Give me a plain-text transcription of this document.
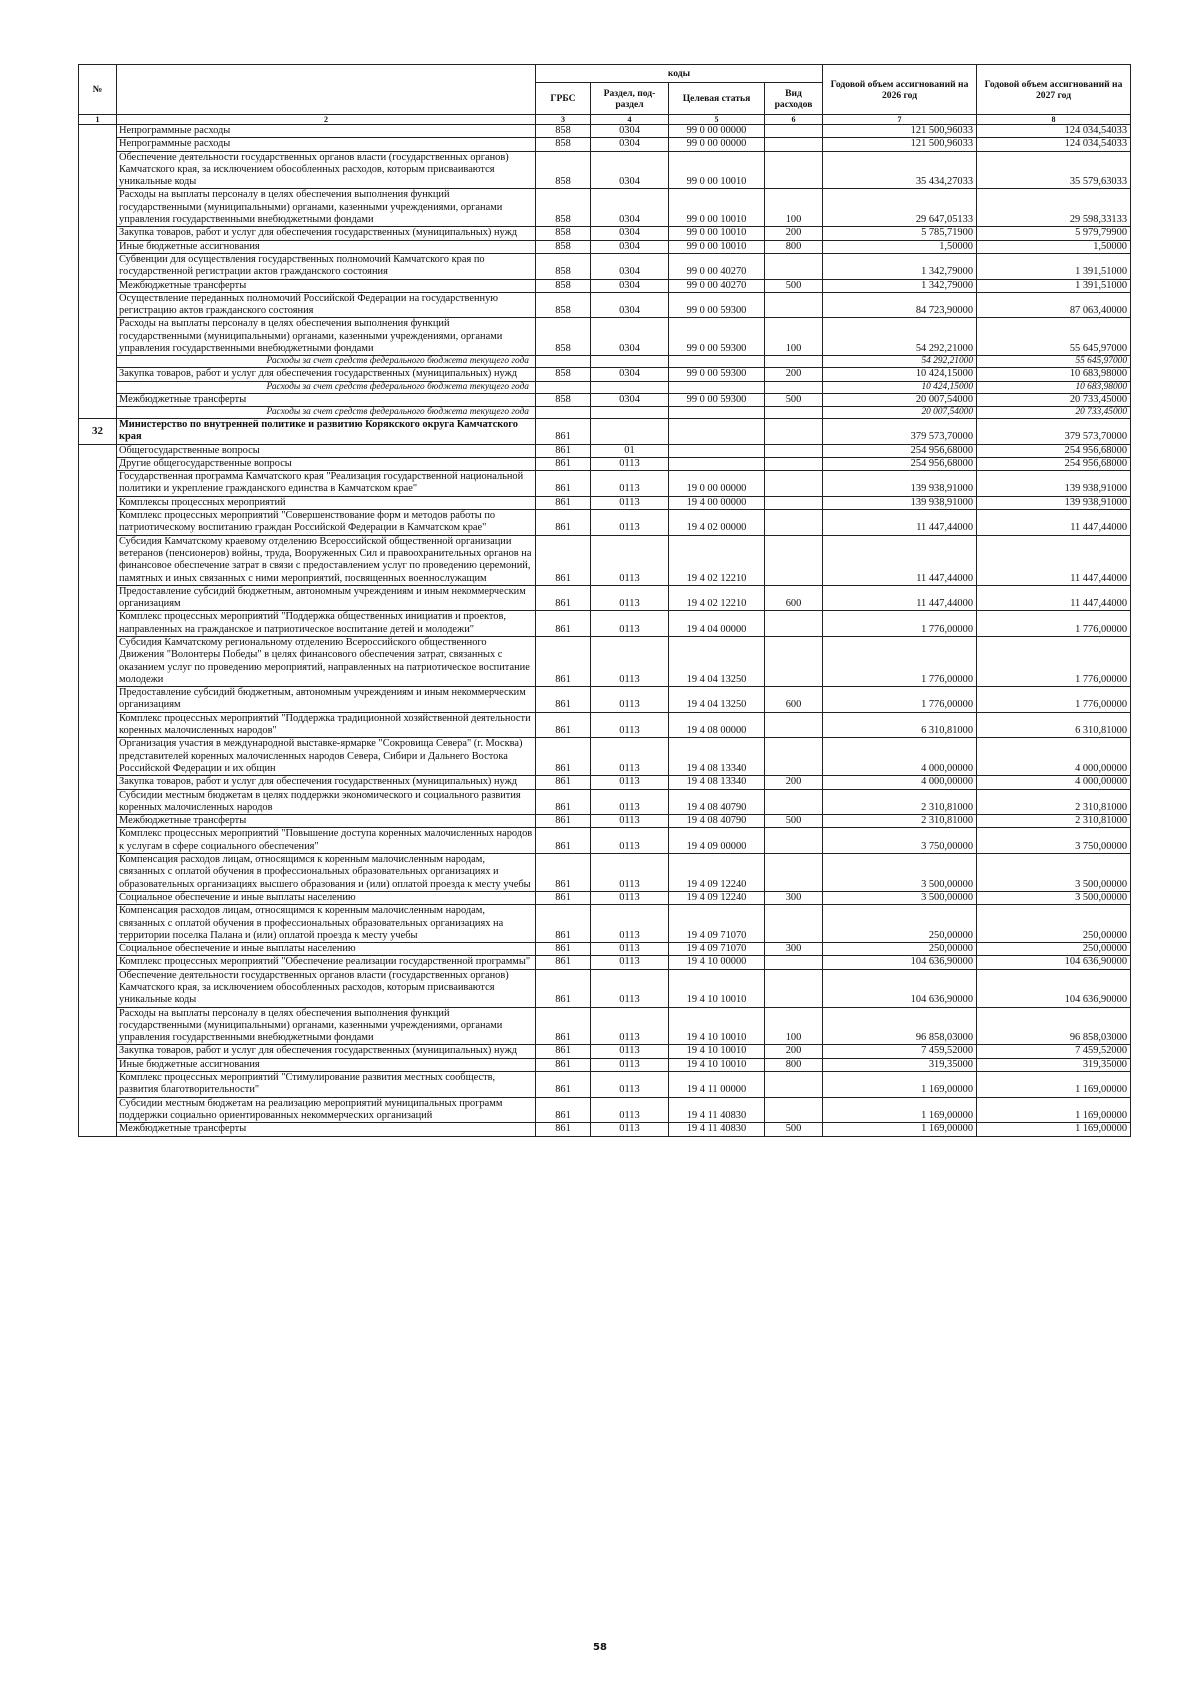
№		коды				Годовой объем ассигнований на 2026 год	Годовой объем ассигнований на 2027 год
		ГРБС	Раздел, под-раздел	Целевая статья	Вид расходов		
1	2	3	4	5	6	7	8
	Непрограммные расходы	858	0304	99 0 00 00000		121 500,96033	124 034,54033
	Непрограммные расходы	858	0304	99 0 00 00000		121 500,96033	124 034,54033
	Обеспечение деятельности государственных органов власти (государственных органов) Камчатского края, за исключением обособленных расходов, которым присваиваются уникальные коды	858	0304	99 0 00 10010		35 434,27033	35 579,63033
	Расходы на выплаты персоналу в целях обеспечения выполнения функций государственными (муниципальными) органами, казенными учреждениями, органами управления государственными внебюджетными фондами	858	0304	99 0 00 10010	100	29 647,05133	29 598,33133
	Закупка товаров, работ и услуг для обеспечения государственных (муниципальных) нужд	858	0304	99 0 00 10010	200	5 785,71900	5 979,79900
	Иные бюджетные ассигнования	858	0304	99 0 00 10010	800	1,50000	1,50000
	Субвенции для осуществления государственных полномочий Камчатского края по государственной регистрации актов гражданского состояния	858	0304	99 0 00 40270		1 342,79000	1 391,51000
	Межбюджетные трансферты	858	0304	99 0 00 40270	500	1 342,79000	1 391,51000
	Осуществление переданных полномочий Российской Федерации на государственную регистрацию актов гражданского состояния	858	0304	99 0 00 59300		84 723,90000	87 063,40000
	Расходы на выплаты персоналу в целях обеспечения выполнения функций государственными (муниципальными) органами, казенными учреждениями, органами управления государственными внебюджетными фондами	858	0304	99 0 00 59300	100	54 292,21000	55 645,97000
	Расходы за счет средств федерального бюджета текущего года					54 292,21000	55 645,97000
	Закупка товаров, работ и услуг для обеспечения государственных (муниципальных) нужд	858	0304	99 0 00 59300	200	10 424,15000	10 683,98000
	Расходы за счет средств федерального бюджета текущего года					10 424,15000	10 683,98000
	Межбюджетные трансферты	858	0304	99 0 00 59300	500	20 007,54000	20 733,45000
	Расходы за счет средств федерального бюджета текущего года					20 007,54000	20 733,45000
32	Министерство по внутренней политике и развитию Корякского округа Камчатского края	861				379 573,70000	379 573,70000
	Общегосударственные вопросы	861	01			254 956,68000	254 956,68000
	Другие общегосударственные вопросы	861	0113			254 956,68000	254 956,68000
	Государственная программа Камчатского края "Реализация государственной национальной политики и укрепление гражданского единства в Камчатском крае"	861	0113	19 0 00 00000		139 938,91000	139 938,91000
	Комплексы процессных мероприятий	861	0113	19 4 00 00000		139 938,91000	139 938,91000
	Комплекс процессных мероприятий "Совершенствование форм и методов работы по патриотическому воспитанию граждан Российской Федерации в Камчатском крае"	861	0113	19 4 02 00000		11 447,44000	11 447,44000
	Субсидия Камчатскому краевому отделению Всероссийской общественной организации ветеранов (пенсионеров) войны, труда, Вооруженных Сил и правоохранительных органов на финансовое обеспечение затрат в связи с предоставлением услуг по проведению церемоний, памятных и иных связанных с ними мероприятий, посвященных военнослужащим	861	0113	19 4 02 12210		11 447,44000	11 447,44000
	Предоставление субсидий бюджетным, автономным учреждениям и иным некоммерческим организациям	861	0113	19 4 02 12210	600	11 447,44000	11 447,44000
	Комплекс процессных мероприятий "Поддержка общественных инициатив и проектов, направленных на гражданское и патриотическое воспитание детей и молодежи"	861	0113	19 4 04 00000		1 776,00000	1 776,00000
	Субсидия Камчатскому региональному отделению Всероссийского общественного Движения "Волонтеры Победы" в целях финансового обеспечения затрат, связанных с оказанием услуг по проведению мероприятий, направленных на патриотическое воспитание молодежи	861	0113	19 4 04 13250		1 776,00000	1 776,00000
	Предоставление субсидий бюджетным, автономным учреждениям и иным некоммерческим организациям	861	0113	19 4 04 13250	600	1 776,00000	1 776,00000
	Комплекс процессных мероприятий "Поддержка традиционной хозяйственной деятельности коренных малочисленных народов"	861	0113	19 4 08 00000		6 310,81000	6 310,81000
	Организация участия в международной выставке-ярмарке "Сокровища Севера" (г. Москва) представителей коренных малочисленных народов Севера, Сибири и Дальнего Востока Российской Федерации и их общин	861	0113	19 4 08 13340		4 000,00000	4 000,00000
	Закупка товаров, работ и услуг для обеспечения государственных (муниципальных) нужд	861	0113	19 4 08 13340	200	4 000,00000	4 000,00000
	Субсидии местным бюджетам в целях поддержки экономического и социального развития коренных малочисленных народов	861	0113	19 4 08 40790		2 310,81000	2 310,81000
	Межбюджетные трансферты	861	0113	19 4 08 40790	500	2 310,81000	2 310,81000
	Комплекс процессных мероприятий "Повышение доступа коренных малочисленных народов к услугам в сфере социального обеспечения"	861	0113	19 4 09 00000		3 750,00000	3 750,00000
	Компенсация расходов лицам, относящимся к коренным малочисленным народам, связанных с оплатой обучения в профессиональных образовательных организациях и образовательных организациях высшего образования и (или) оплатой проезда к месту учебы	861	0113	19 4 09 12240		3 500,00000	3 500,00000
	Социальное обеспечение и иные выплаты населению	861	0113	19 4 09 12240	300	3 500,00000	3 500,00000
	Компенсация расходов лицам, относящимся к коренным малочисленным народам, связанных с оплатой обучения в профессиональных образовательных организациях на территории поселка Палана и (или) оплатой проезда к месту учебы	861	0113	19 4 09 71070		250,00000	250,00000
	Социальное обеспечение и иные выплаты населению	861	0113	19 4 09 71070	300	250,00000	250,00000
	Комплекс процессных мероприятий "Обеспечение реализации государственной программы"	861	0113	19 4 10 00000		104 636,90000	104 636,90000
	Обеспечение деятельности государственных органов власти (государственных органов) Камчатского края, за исключением обособленных расходов, которым присваиваются уникальные коды	861	0113	19 4 10 10010		104 636,90000	104 636,90000
	Расходы на выплаты персоналу в целях обеспечения выполнения функций государственными (муниципальными) органами, казенными учреждениями, органами управления государственными внебюджетными фондами	861	0113	19 4 10 10010	100	96 858,03000	96 858,03000
	Закупка товаров, работ и услуг для обеспечения государственных (муниципальных) нужд	861	0113	19 4 10 10010	200	7 459,52000	7 459,52000
	Иные бюджетные ассигнования	861	0113	19 4 10 10010	800	319,35000	319,35000
	Комплекс процессных мероприятий "Стимулирование развития местных сообществ, развития благотворительности"	861	0113	19 4 11 00000		1 169,00000	1 169,00000
	Субсидии местным бюджетам на реализацию мероприятий муниципальных программ поддержки социально ориентированных некоммерческих организаций	861	0113	19 4 11 40830		1 169,00000	1 169,00000
	Межбюджетные трансферты	861	0113	19 4 11 40830	500	1 169,00000	1 169,00000
58
